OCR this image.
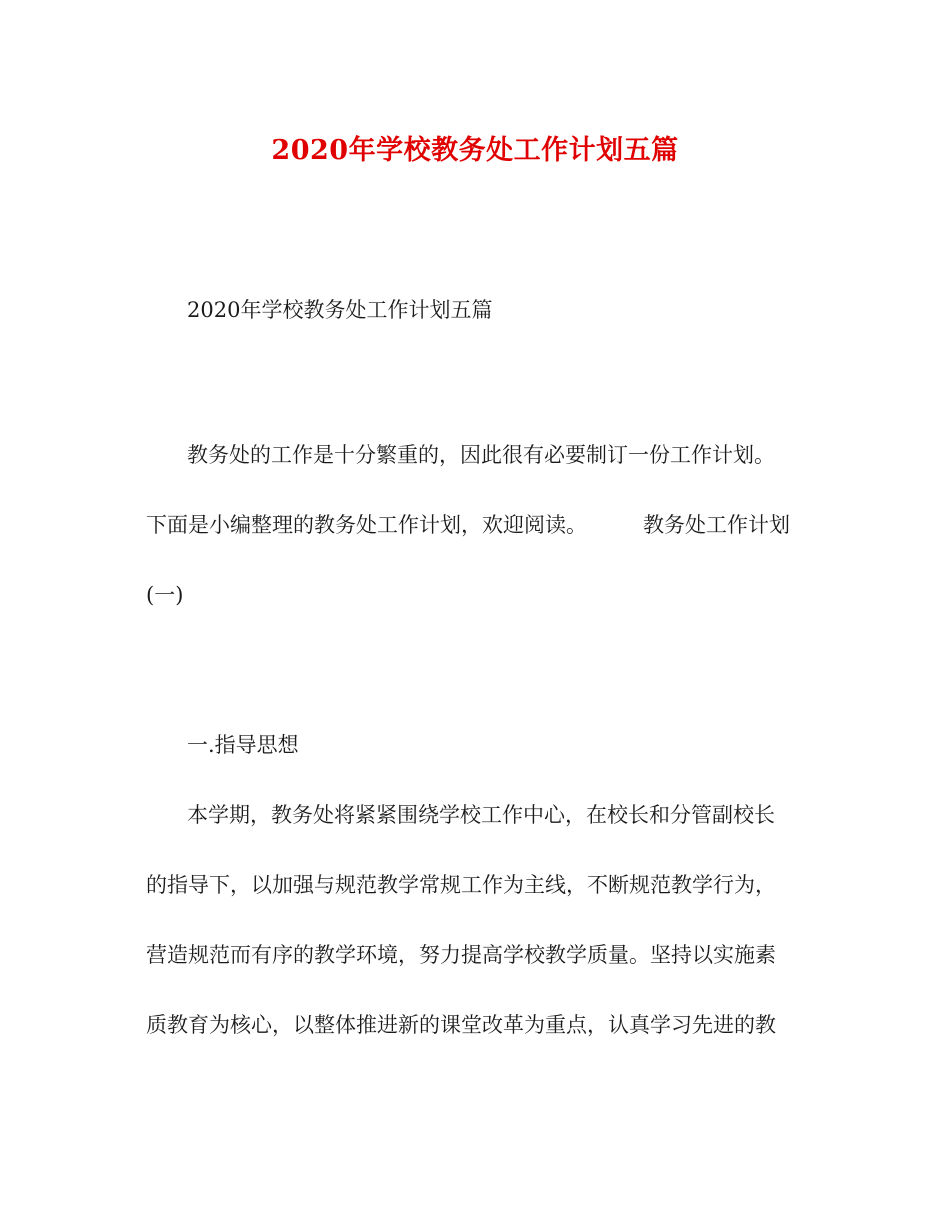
2020年学校教务处工作计划五篇
2020年学校教务处工作计划五篇
教务处的工作是十分繁重的，因此很有必要制订一份工作计划。
下面是小编整理的教务处工作计划，欢迎阅读。	教务处工作计划
(一)
一.指导思想
本学期，教务处将紧紧围绕学校工作中心，在校长和分管副校长
的指导下，以加强与规范教学常规工作为主线，不断规范教学行为，
营造规范而有序的教学环境，努力提高学校教学质量。坚持以实施素
质教育为核心，以整体推进新的课堂改革为重点，认真学习先进的教
